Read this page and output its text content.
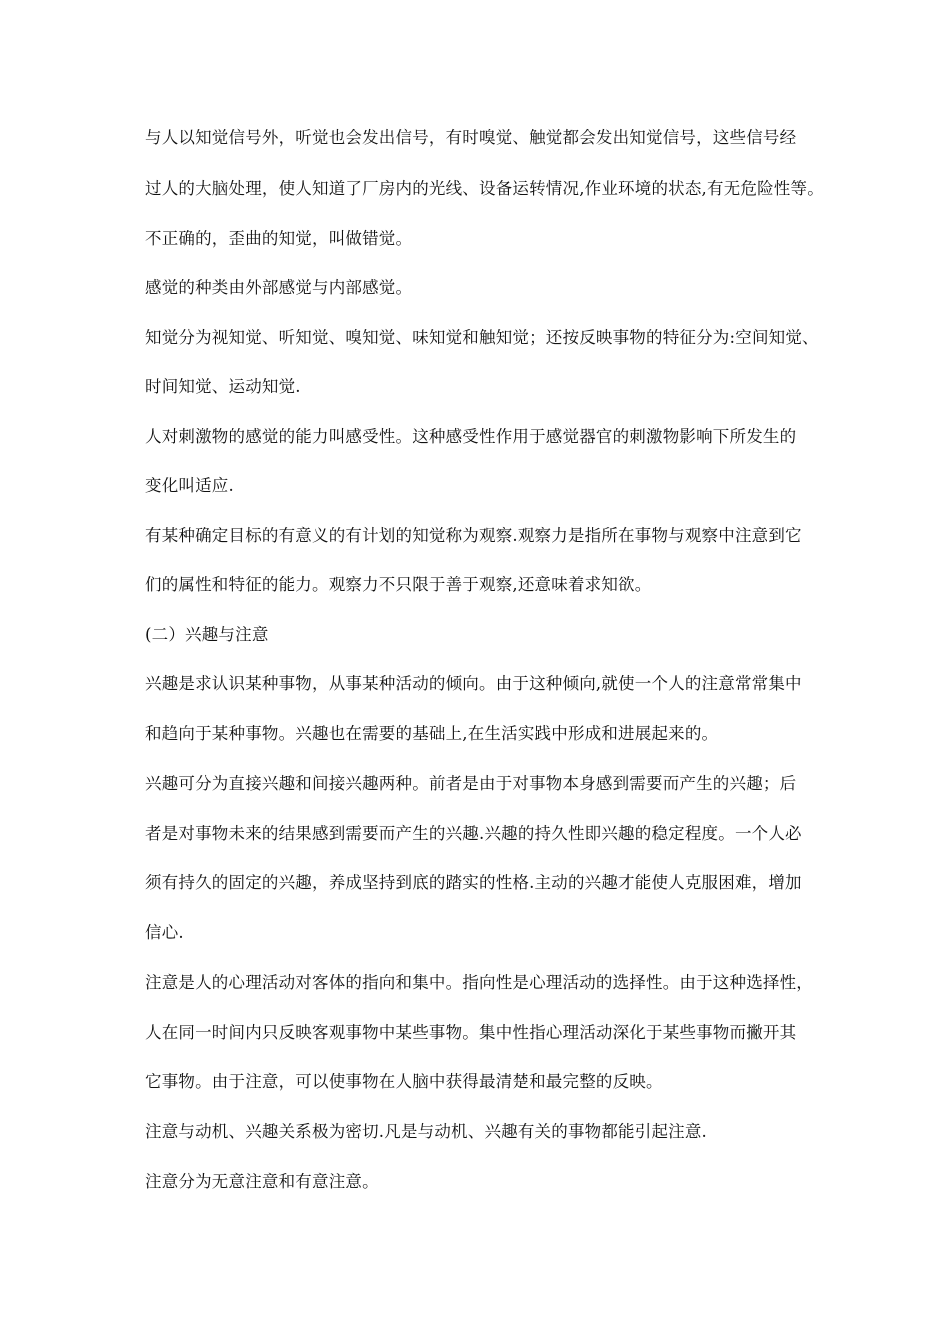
与人以知觉信号外，听觉也会发出信号，有时嗅觉、触觉都会发出知觉信号，这些信号经
过人的大脑处理，使人知道了厂房内的光线、设备运转情况,作业环境的状态,有无危险性等。
不正确的，歪曲的知觉，叫做错觉。
感觉的种类由外部感觉与内部感觉。
知觉分为视知觉、听知觉、嗅知觉、味知觉和触知觉；还按反映事物的特征分为:空间知觉、
时间知觉、运动知觉.
人对刺激物的感觉的能力叫感受性。这种感受性作用于感觉器官的刺激物影响下所发生的
变化叫适应.
有某种确定目标的有意义的有计划的知觉称为观察.观察力是指所在事物与观察中注意到它
们的属性和特征的能力。观察力不只限于善于观察,还意味着求知欲。
(二）兴趣与注意
兴趣是求认识某种事物，从事某种活动的倾向。由于这种倾向,就使一个人的注意常常集中
和趋向于某种事物。兴趣也在需要的基础上,在生活实践中形成和进展起来的。
兴趣可分为直接兴趣和间接兴趣两种。前者是由于对事物本身感到需要而产生的兴趣；后
者是对事物未来的结果感到需要而产生的兴趣.兴趣的持久性即兴趣的稳定程度。一个人必
须有持久的固定的兴趣，养成坚持到底的踏实的性格.主动的兴趣才能使人克服困难，增加
信心.
注意是人的心理活动对客体的指向和集中。指向性是心理活动的选择性。由于这种选择性，
人在同一时间内只反映客观事物中某些事物。集中性指心理活动深化于某些事物而撇开其
它事物。由于注意，可以使事物在人脑中获得最清楚和最完整的反映。
注意与动机、兴趣关系极为密切.凡是与动机、兴趣有关的事物都能引起注意.
注意分为无意注意和有意注意。
